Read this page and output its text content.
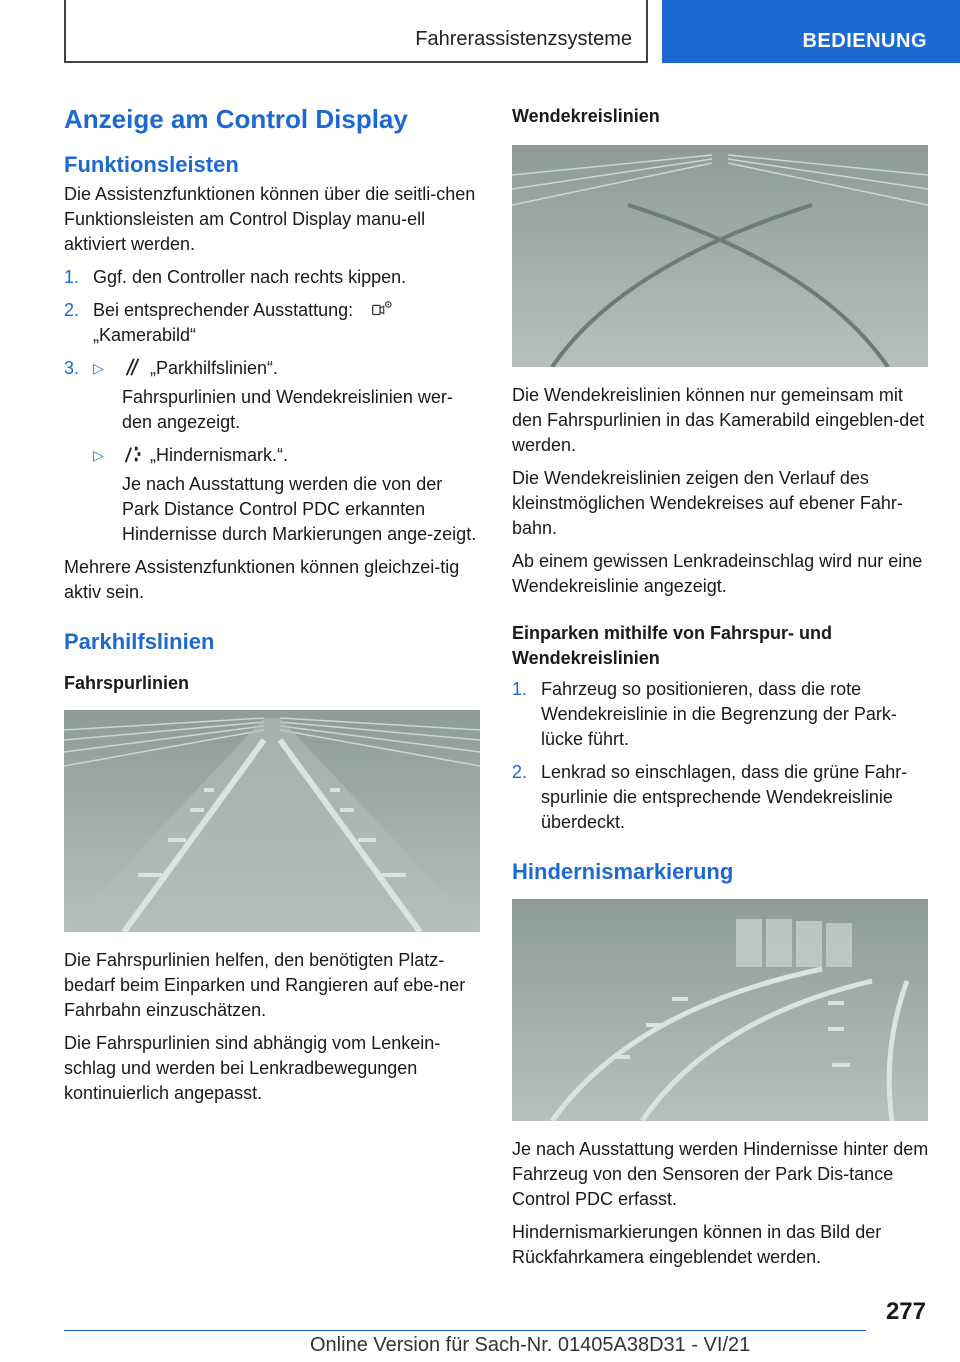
Fahrerassistenzsysteme	BEDIENUNG
Anzeige am Control Display
Funktionsleisten

Die Assistenzfunktionen können über die seitli-chen Funktionsleisten am Control Display manu-ell aktiviert werden.

1. Ggf. den Controller nach rechts kippen.
2. Bei entsprechender Ausstattung:
„Kamerabild“
3. ▷	„Parkhilfslinien“.

Fahrspurlinien und Wendekreislinien wer-den angezeigt.

▷	„Hindernismark.“.

Je nach Ausstattung werden die von der Park Distance Control PDC erkannten Hindernisse durch Markierungen ange-zeigt.

Mehrere Assistenzfunktionen können gleichzei-tig aktiv sein.

Parkhilfslinien
Fahrspurlinien

Die Fahrspurlinien helfen, den benötigten Platz-bedarf beim Einparken und Rangieren auf ebe-ner Fahrbahn einzuschätzen.

Die Fahrspurlinien sind abhängig vom Lenkein-schlag und werden bei Lenkradbewegungen kontinuierlich angepasst.

Wendekreislinien

Die Wendekreislinien können nur gemeinsam mit den Fahrspurlinien in das Kamerabild eingeblen-det werden.

Die Wendekreislinien zeigen den Verlauf des kleinstmöglichen Wendekreises auf ebener Fahr-bahn.

Ab einem gewissen Lenkradeinschlag wird nur eine Wendekreislinie angezeigt.

Einparken mithilfe von Fahrspur- und Wendekreislinien
1. Fahrzeug so positionieren, dass die rote Wendekreislinie in die Begrenzung der Park-lücke führt.
2. Lenkrad so einschlagen, dass die grüne Fahr-spurlinie die entsprechende Wendekreislinie überdeckt.
Hindernismarkierung

Je nach Ausstattung werden Hindernisse hinter dem Fahrzeug von den Sensoren der Park Dis-tance Control PDC erfasst.

Hindernismarkierungen können in das Bild der Rückfahrkamera eingeblendet werden.

277
Online Version für Sach-Nr. 01405A38D31 - VI/21
